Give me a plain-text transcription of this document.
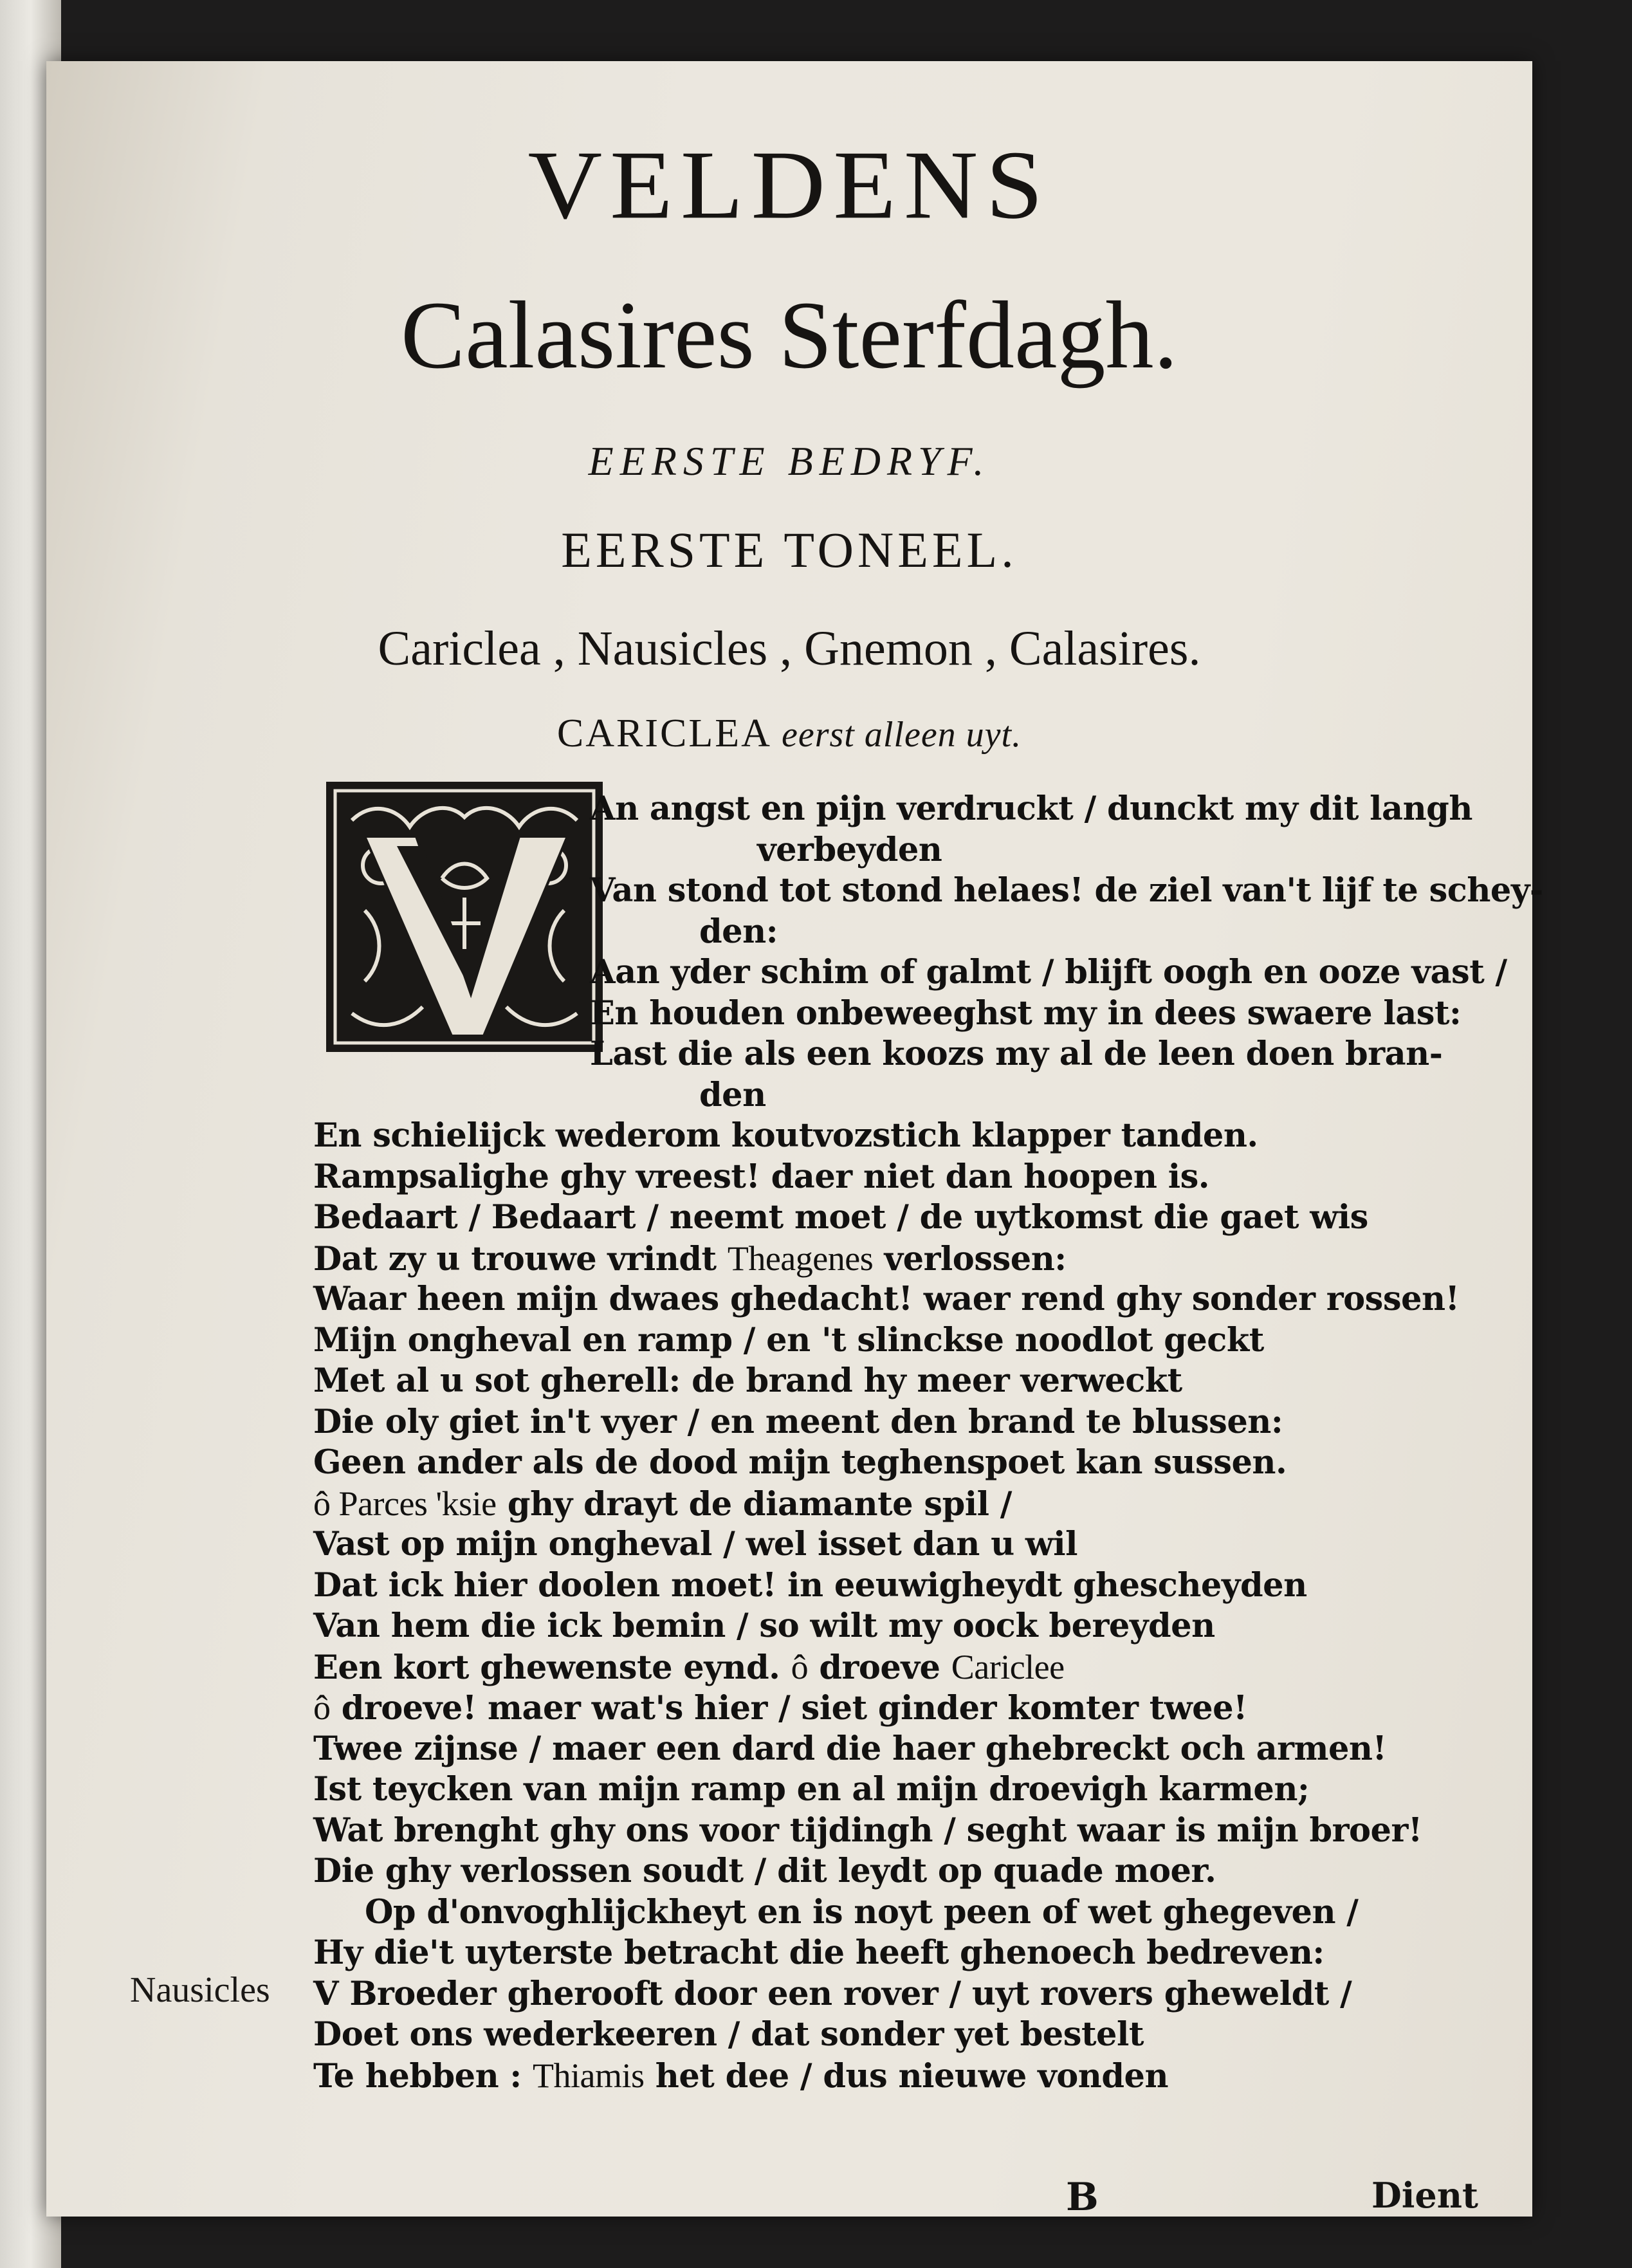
VELDENS
Calasires Sterfdagh.
EERSTE BEDRYF.
EERSTE TONEEL.
Cariclea , Nausicles , Gnemon , Calasires.
CARICLEA eerst alleen uyt.
An angst en pijn verdruckt / dunckt my dit langh
verbeyden
Van stond tot stond helaes! de ziel van't lijf te schey-
den:
Aan yder schim of galmt / blijft oogh en ooze vast /
En houden onbeweeghst my in dees swaere last:
Last die als een koozs my al de leen doen bran-
den
En schielijck wederom koutvozstich klapper tanden.
Rampsalighe ghy vreest! daer niet dan hoopen is.
Bedaart / Bedaart / neemt moet / de uytkomst die gaet wis
Dat zy u trouwe vrindt Theagenes verlossen:
Waar heen mijn dwaes ghedacht! waer rend ghy sonder rossen!
Mijn ongheval en ramp / en 't slinckse noodlot geckt
Met al u sot gherell: de brand hy meer verweckt
Die oly giet in't vyer / en meent den brand te blussen:
Geen ander als de dood mijn teghenspoet kan sussen.
ô Parces 'ksie ghy drayt de diamante spil /
Vast op mijn ongheval / wel isset dan u wil
Dat ick hier doolen moet! in eeuwigheydt ghescheyden
Van hem die ick bemin / so wilt my oock bereyden
Een kort ghewenste eynd. ô droeve Cariclee
ô droeve! maer wat's hier / siet ginder komter twee!
Twee zijnse / maer een dard die haer ghebreckt och armen!
Ist teycken van mijn ramp en al mijn droevigh karmen;
Wat brenght ghy ons voor tijdingh / seght waar is mijn broer!
Die ghy verlossen soudt / dit leydt op quade moer.
Op d'onvoghlijckheyt en is noyt peen of wet ghegeven /
Hy die't uyterste betracht die heeft ghenoech bedreven:
V Broeder gherooft door een rover / uyt rovers gheweldt /
Doet ons wederkeeren / dat sonder yet bestelt
Te hebben : Thiamis het dee / dus nieuwe vonden
Nausicles
B	Dient
